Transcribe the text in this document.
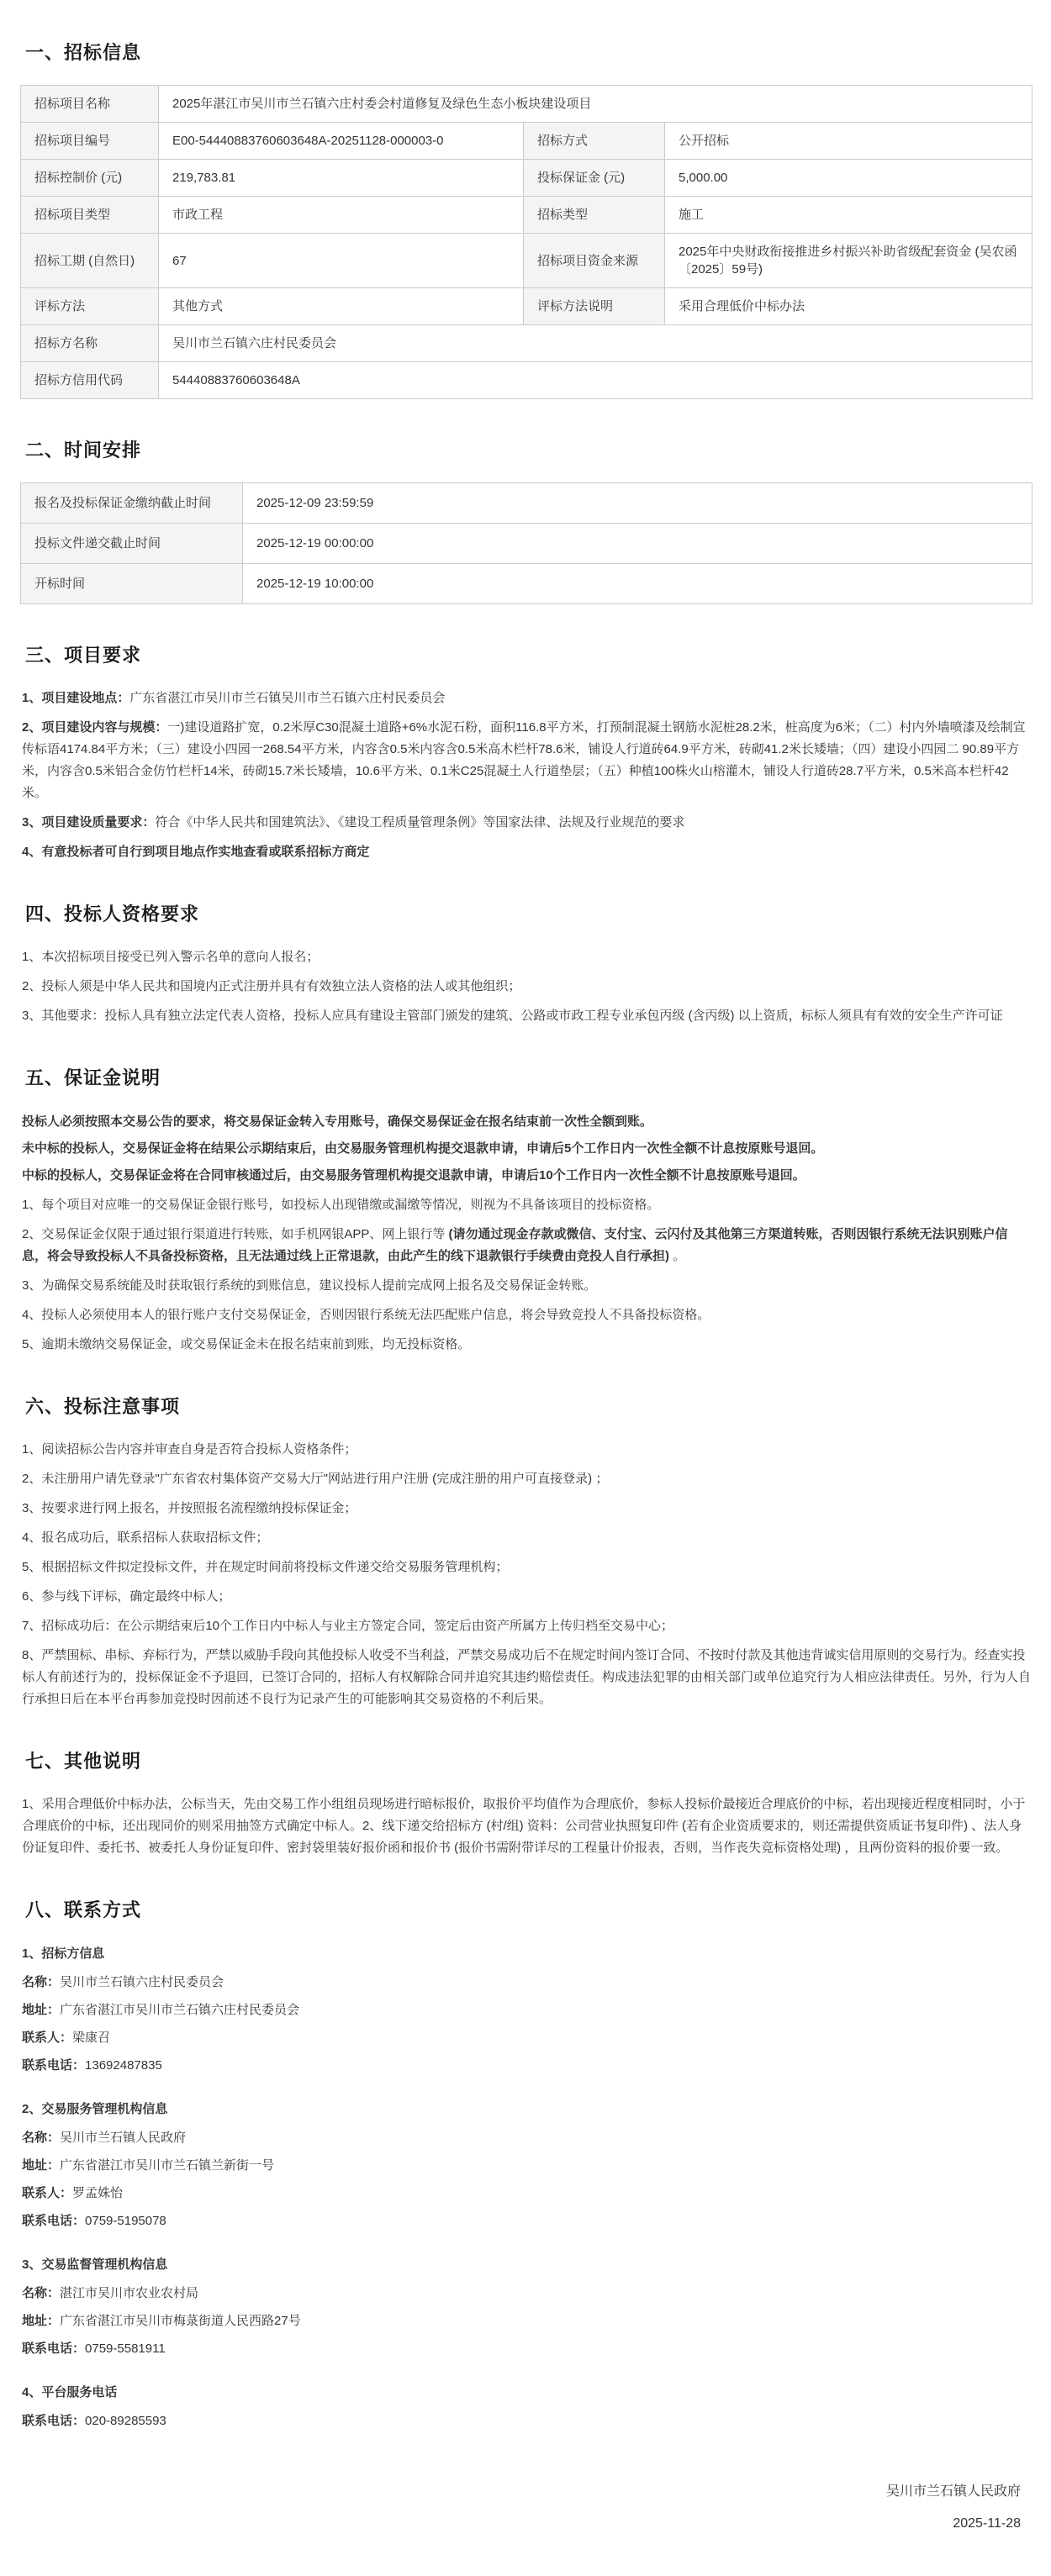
一、招标信息
招标项目名称	2025年湛江市吴川市兰石镇六庄村委会村道修复及绿色生态小板块建设项目		
招标项目编号	E00-54440883760603648A-20251128-000003-0	招标方式	公开招标
招标控制价 (元)	219,783.81	投标保证金 (元)	5,000.00
招标项目类型	市政工程	招标类型	施工
招标工期 (自然日)	67	招标项目资金来源	2025年中央财政衔接推进乡村振兴补助省级配套资金 (吴农函〔2025〕59号)
评标方法	其他方式	评标方法说明	采用合理低价中标办法
招标方名称	吴川市兰石镇六庄村民委员会		
招标方信用代码	54440883760603648A		
二、时间安排
报名及投标保证金缴纳截止时间	2025-12-09 23:59:59
投标文件递交截止时间	2025-12-19 00:00:00
开标时间	2025-12-19 10:00:00
三、项目要求

1、项目建设地点：广东省湛江市吴川市兰石镇吴川市兰石镇六庄村民委员会

2、项目建设内容与规模：一)建设道路扩宽，0.2米厚C30混凝土道路+6%水泥石粉，面积116.8平方米，打预制混凝土钢筋水泥桩28.2米，桩高度为6米；（二）村内外墙喷漆及绘制宣传标语4174.84平方米；（三）建设小四园一268.54平方米，内容含0.5米内容含0.5米高木栏杆78.6米，铺设人行道砖64.9平方米，砖砌41.2米长矮墙；（四）建设小四园二 90.89平方米，内容含0.5米铝合金仿竹栏杆14米，砖砌15.7米长矮墙，10.6平方米、0.1米C25混凝土人行道垫层；（五）种植100株火山榕灌木，铺设人行道砖28.7平方米，0.5米高本栏杆42米。

3、项目建设质量要求：符合《中华人民共和国建筑法》、《建设工程质量管理条例》等国家法律、法规及行业规范的要求

4、有意投标者可自行到项目地点作实地查看或联系招标方商定

四、投标人资格要求

1、本次招标项目接受已列入警示名单的意向人报名；

2、投标人须是中华人民共和国境内正式注册并具有有效独立法人资格的法人或其他组织；

3、其他要求：投标人具有独立法定代表人资格，投标人应具有建设主管部门颁发的建筑、公路或市政工程专业承包丙级 (含丙级) 以上资质，标标人须具有有效的安全生产许可证

五、保证金说明

投标人必须按照本交易公告的要求，将交易保证金转入专用账号，确保交易保证金在报名结束前一次性全额到账。

未中标的投标人，交易保证金将在结果公示期结束后，由交易服务管理机构提交退款申请，申请后5个工作日内一次性全额不计息按原账号退回。

中标的投标人，交易保证金将在合同审核通过后，由交易服务管理机构提交退款申请，申请后10个工作日内一次性全额不计息按原账号退回。

1、每个项目对应唯一的交易保证金银行账号，如投标人出现错缴或漏缴等情况，则视为不具备该项目的投标资格。

2、交易保证金仅限于通过银行渠道进行转账，如手机网银APP、网上银行等 (请勿通过现金存款或微信、支付宝、云闪付及其他第三方渠道转账，否则因银行系统无法识别账户信息，将会导致投标人不具备投标资格，且无法通过线上正常退款，由此产生的线下退款银行手续费由竞投人自行承担) 。

3、为确保交易系统能及时获取银行系统的到账信息，建议投标人提前完成网上报名及交易保证金转账。

4、投标人必须使用本人的银行账户支付交易保证金，否则因银行系统无法匹配账户信息，将会导致竞投人不具备投标资格。

5、逾期未缴纳交易保证金，或交易保证金未在报名结束前到账，均无投标资格。

六、投标注意事项

1、阅读招标公告内容并审查自身是否符合投标人资格条件；

2、未注册用户请先登录"广东省农村集体资产交易大厅"网站进行用户注册 (完成注册的用户可直接登录) ；

3、按要求进行网上报名，并按照报名流程缴纳投标保证金；

4、报名成功后，联系招标人获取招标文件；

5、根据招标文件拟定投标文件，并在规定时间前将投标文件递交给交易服务管理机构；

6、参与线下评标，确定最终中标人；

7、招标成功后：在公示期结束后10个工作日内中标人与业主方签定合同，签定后由资产所属方上传归档至交易中心；

8、严禁围标、串标、弃标行为，严禁以威胁手段向其他投标人收受不当利益，严禁交易成功后不在规定时间内签订合同、不按时付款及其他违背诚实信用原则的交易行为。经查实投标人有前述行为的，投标保证金不予退回，已签订合同的，招标人有权解除合同并追究其违约赔偿责任。构成违法犯罪的由相关部门或单位追究行为人相应法律责任。另外，行为人自行承担日后在本平台再参加竞投时因前述不良行为记录产生的可能影响其交易资格的不利后果。

七、其他说明

1、采用合理低价中标办法，公标当天，先由交易工作小组组员现场进行暗标报价，取报价平均值作为合理底价，参标人投标价最接近合理底价的中标，若出现接近程度相同时，小于合理底价的中标，还出现同价的则采用抽签方式确定中标人。2、线下递交给招标方 (村/组) 资料：公司营业执照复印件 (若有企业资质要求的，则还需提供资质证书复印件) 、法人身份证复印件、委托书、被委托人身份证复印件、密封袋里装好报价函和报价书 (报价书需附带详尽的工程量计价报表，否则，当作丧失竞标资格处理) ，且两份资料的报价要一致。

八、联系方式

1、招标方信息

名称：吴川市兰石镇六庄村民委员会

地址：广东省湛江市吴川市兰石镇六庄村民委员会

联系人：梁康召

联系电话：13692487835

2、交易服务管理机构信息

名称：吴川市兰石镇人民政府

地址：广东省湛江市吴川市兰石镇兰新街一号

联系人：罗孟姝怡

联系电话：0759-5195078

3、交易监督管理机构信息

名称：湛江市吴川市农业农村局

地址：广东省湛江市吴川市梅菉街道人民西路27号

联系电话：0759-5581911

4、平台服务电话

联系电话：020-89285593

吴川市兰石镇人民政府

2025-11-28
